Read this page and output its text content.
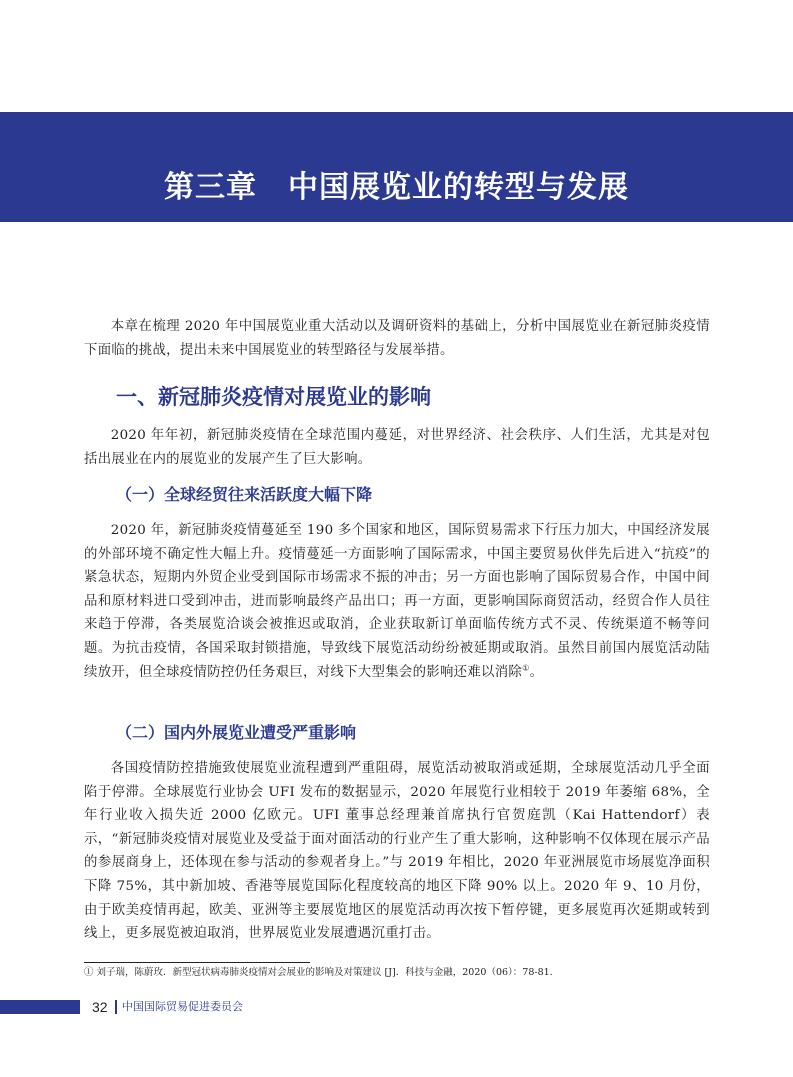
第三章　中国展览业的转型与发展

本章在梳理 2020 年中国展览业重大活动以及调研资料的基础上，分析中国展览业在新冠肺炎疫情下面临的挑战，提出未来中国展览业的转型路径与发展举措。

一、新冠肺炎疫情对展览业的影响

2020 年年初，新冠肺炎疫情在全球范围内蔓延，对世界经济、社会秩序、人们生活，尤其是对包括出展业在内的展览业的发展产生了巨大影响。

（一）全球经贸往来活跃度大幅下降

2020 年，新冠肺炎疫情蔓延至 190 多个国家和地区，国际贸易需求下行压力加大，中国经济发展的外部环境不确定性大幅上升。疫情蔓延一方面影响了国际需求，中国主要贸易伙伴先后进入“抗疫”的紧急状态，短期内外贸企业受到国际市场需求不振的冲击；另一方面也影响了国际贸易合作，中国中间品和原材料进口受到冲击，进而影响最终产品出口；再一方面，更影响国际商贸活动，经贸合作人员往来趋于停滞，各类展览洽谈会被推迟或取消，企业获取新订单面临传统方式不灵、传统渠道不畅等问题。为抗击疫情，各国采取封锁措施，导致线下展览活动纷纷被延期或取消。虽然目前国内展览活动陆续放开，但全球疫情防控仍任务艰巨，对线下大型集会的影响还难以消除①。

（二）国内外展览业遭受严重影响

各国疫情防控措施致使展览业流程遭到严重阻碍，展览活动被取消或延期，全球展览活动几乎全面陷于停滞。全球展览行业协会 UFI 发布的数据显示，2020 年展览行业相较于 2019 年萎缩 68%，全年行业收入损失近 2000 亿欧元。UFI 董事总经理兼首席执行官贺庭凯（Kai Hattendorf）表示，“新冠肺炎疫情对展览业及受益于面对面活动的行业产生了重大影响，这种影响不仅体现在展示产品的参展商身上，还体现在参与活动的参观者身上。”与 2019 年相比，2020 年亚洲展览市场展览净面积下降 75%，其中新加坡、香港等展览国际化程度较高的地区下降 90% 以上。2020 年 9、10 月份，由于欧美疫情再起，欧美、亚洲等主要展览地区的展览活动再次按下暂停键，更多展览再次延期或转到线上，更多展览被迫取消，世界展览业发展遭遇沉重打击。

① 刘子瑞，陈蔚玫．新型冠状病毒肺炎疫情对会展业的影响及对策建议 [J]．科技与金融，2020（06）：78-81.

32 中国国际贸易促进委员会
